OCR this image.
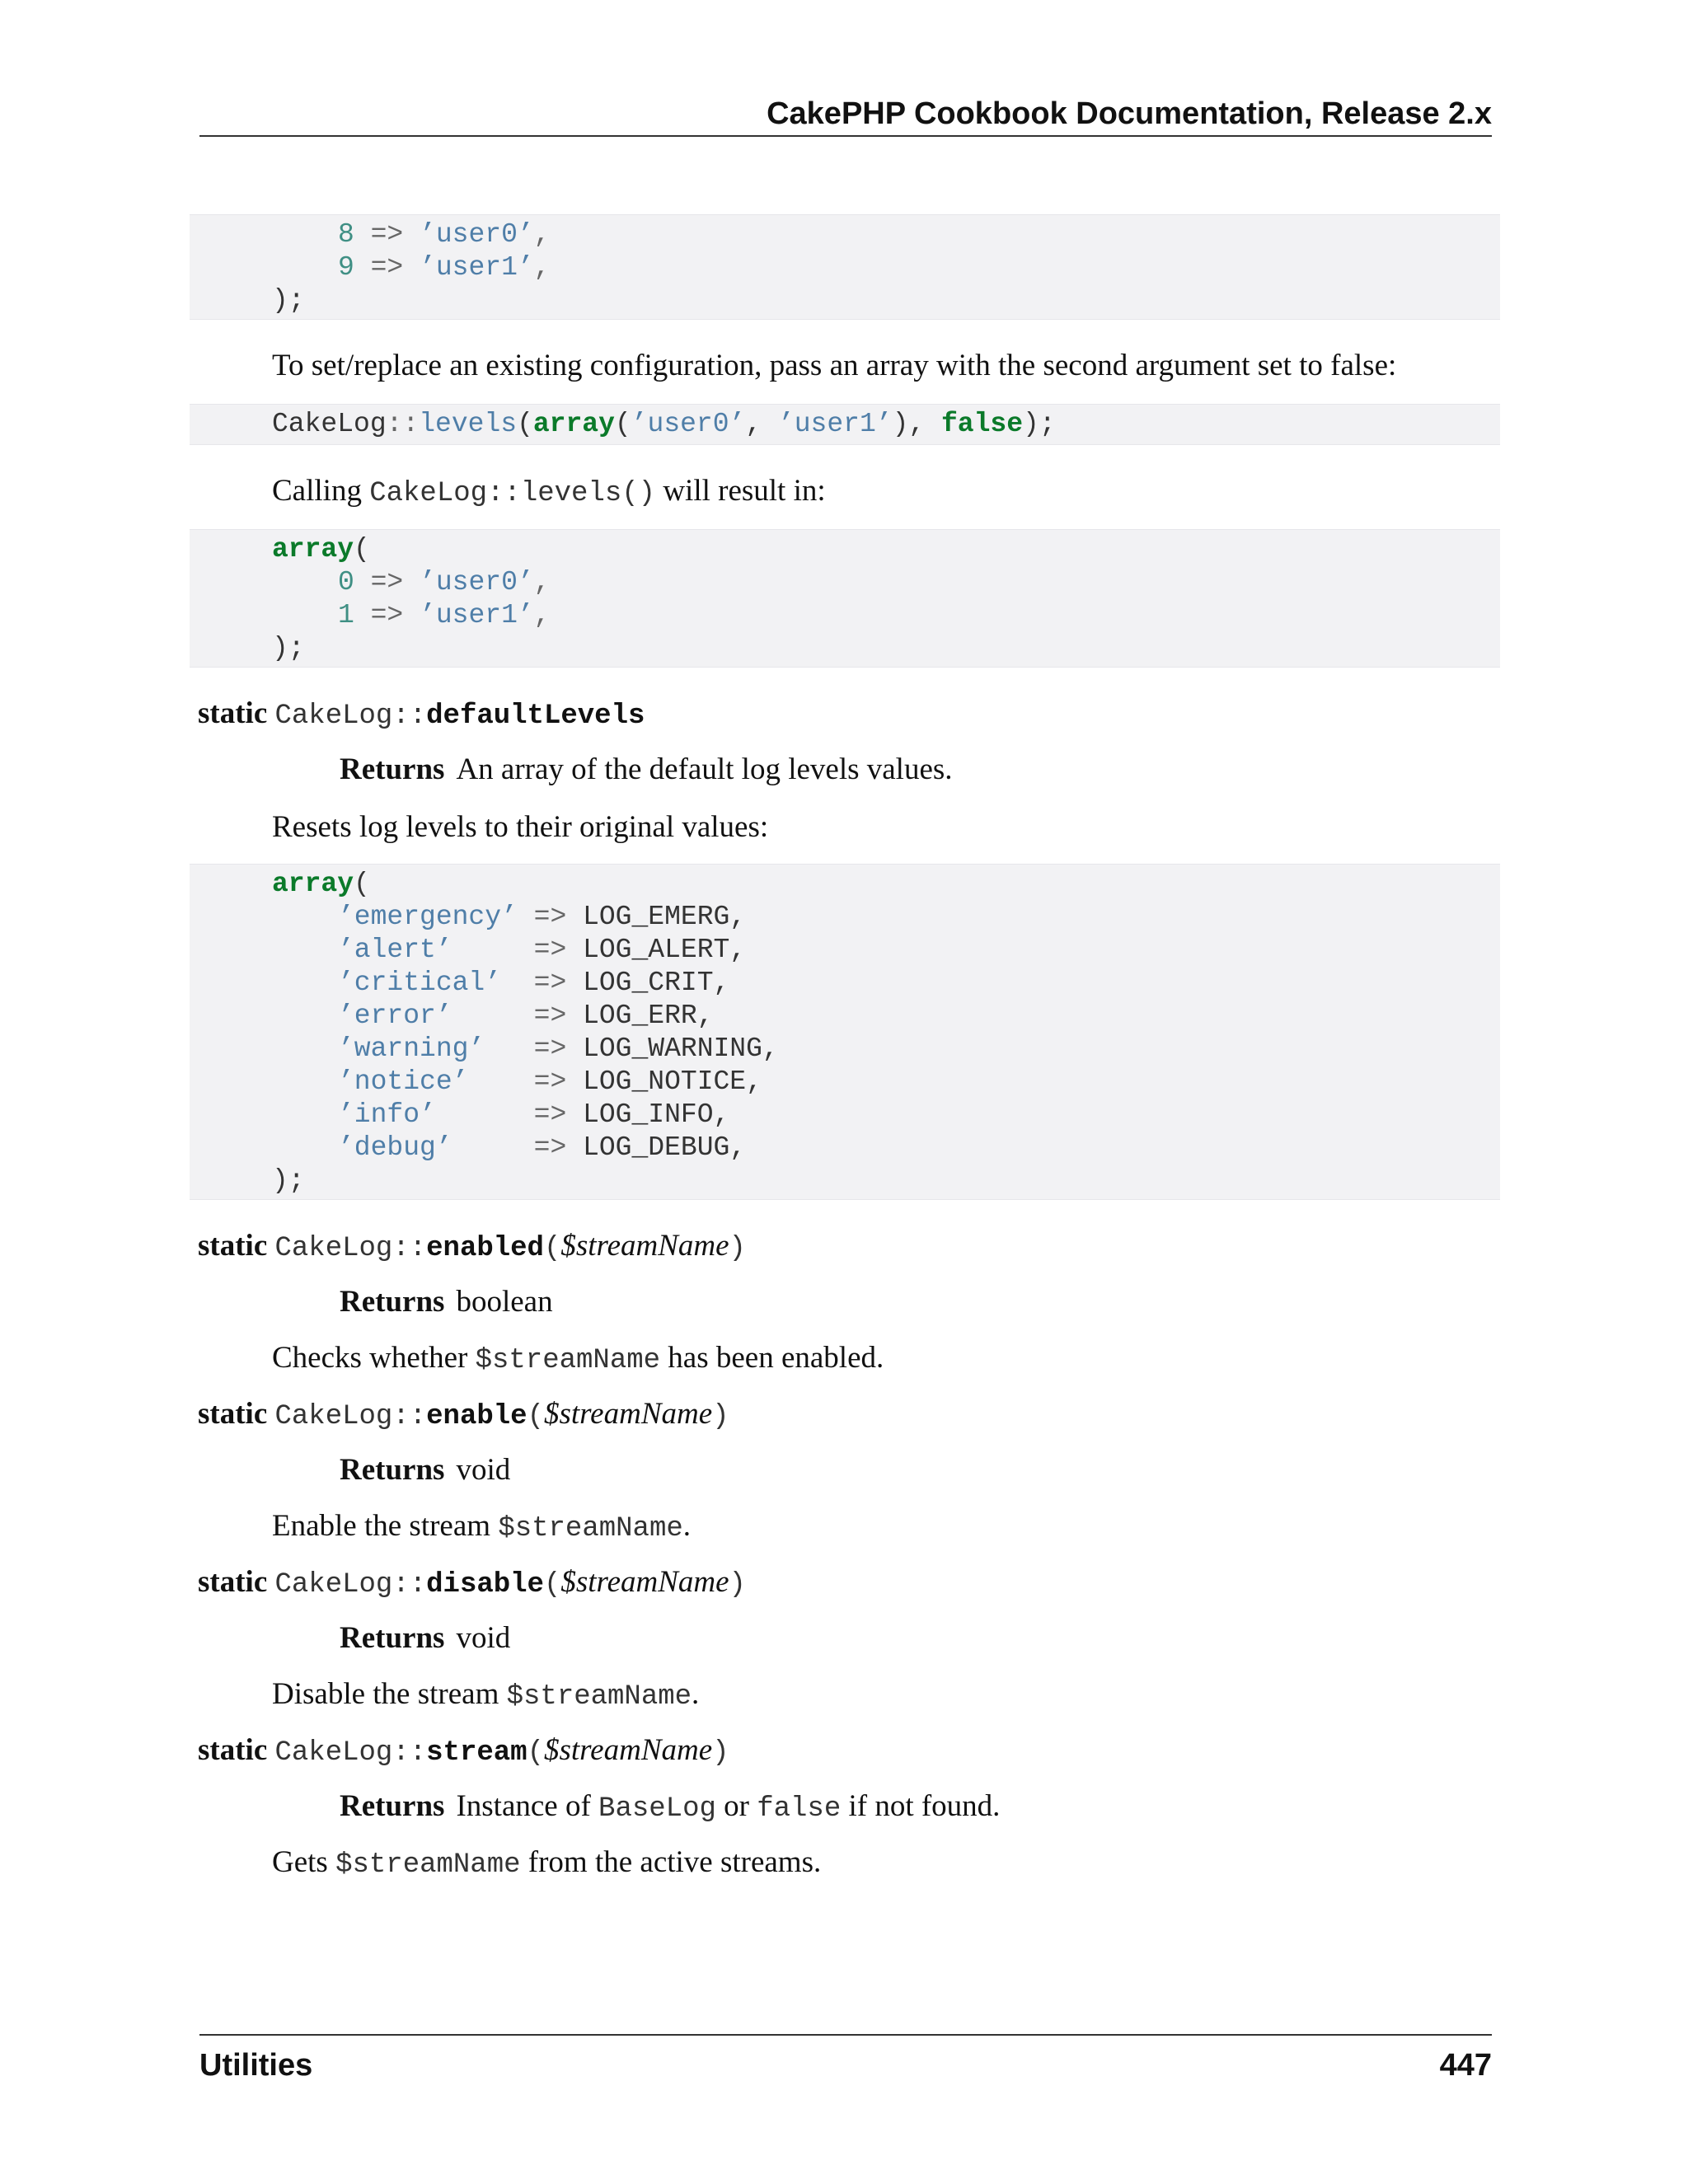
CakePHP Cookbook Documentation, Release 2.x
8 => ’user0’,
9 => ’user1’,
);
To set/replace an existing configuration, pass an array with the second argument set to false:
CakeLog::levels(array(’user0’, ’user1’), false);
Calling CakeLog::levels() will result in:
array(
0 => ’user0’,
1 => ’user1’,
);
static CakeLog::defaultLevels
Returns An array of the default log levels values.
Resets log levels to their original values:
array(
’emergency’ => LOG_EMERG,
’alert’	=> LOG_ALERT,
’critical’ => LOG_CRIT,
’error’	=> LOG_ERR,
’warning’ => LOG_WARNING,
’notice’ => LOG_NOTICE,
’info’	=> LOG_INFO,
’debug’	=> LOG_DEBUG,
);
static CakeLog::enabled($streamName)
Returns boolean
Checks whether $streamName has been enabled.
static CakeLog::enable($streamName)
Returns void
Enable the stream $streamName.
static CakeLog::disable($streamName)
Returns void
Disable the stream $streamName.
static CakeLog::stream($streamName)
Returns Instance of BaseLog or false if not found.
Gets $streamName from the active streams.
Utilities	447
